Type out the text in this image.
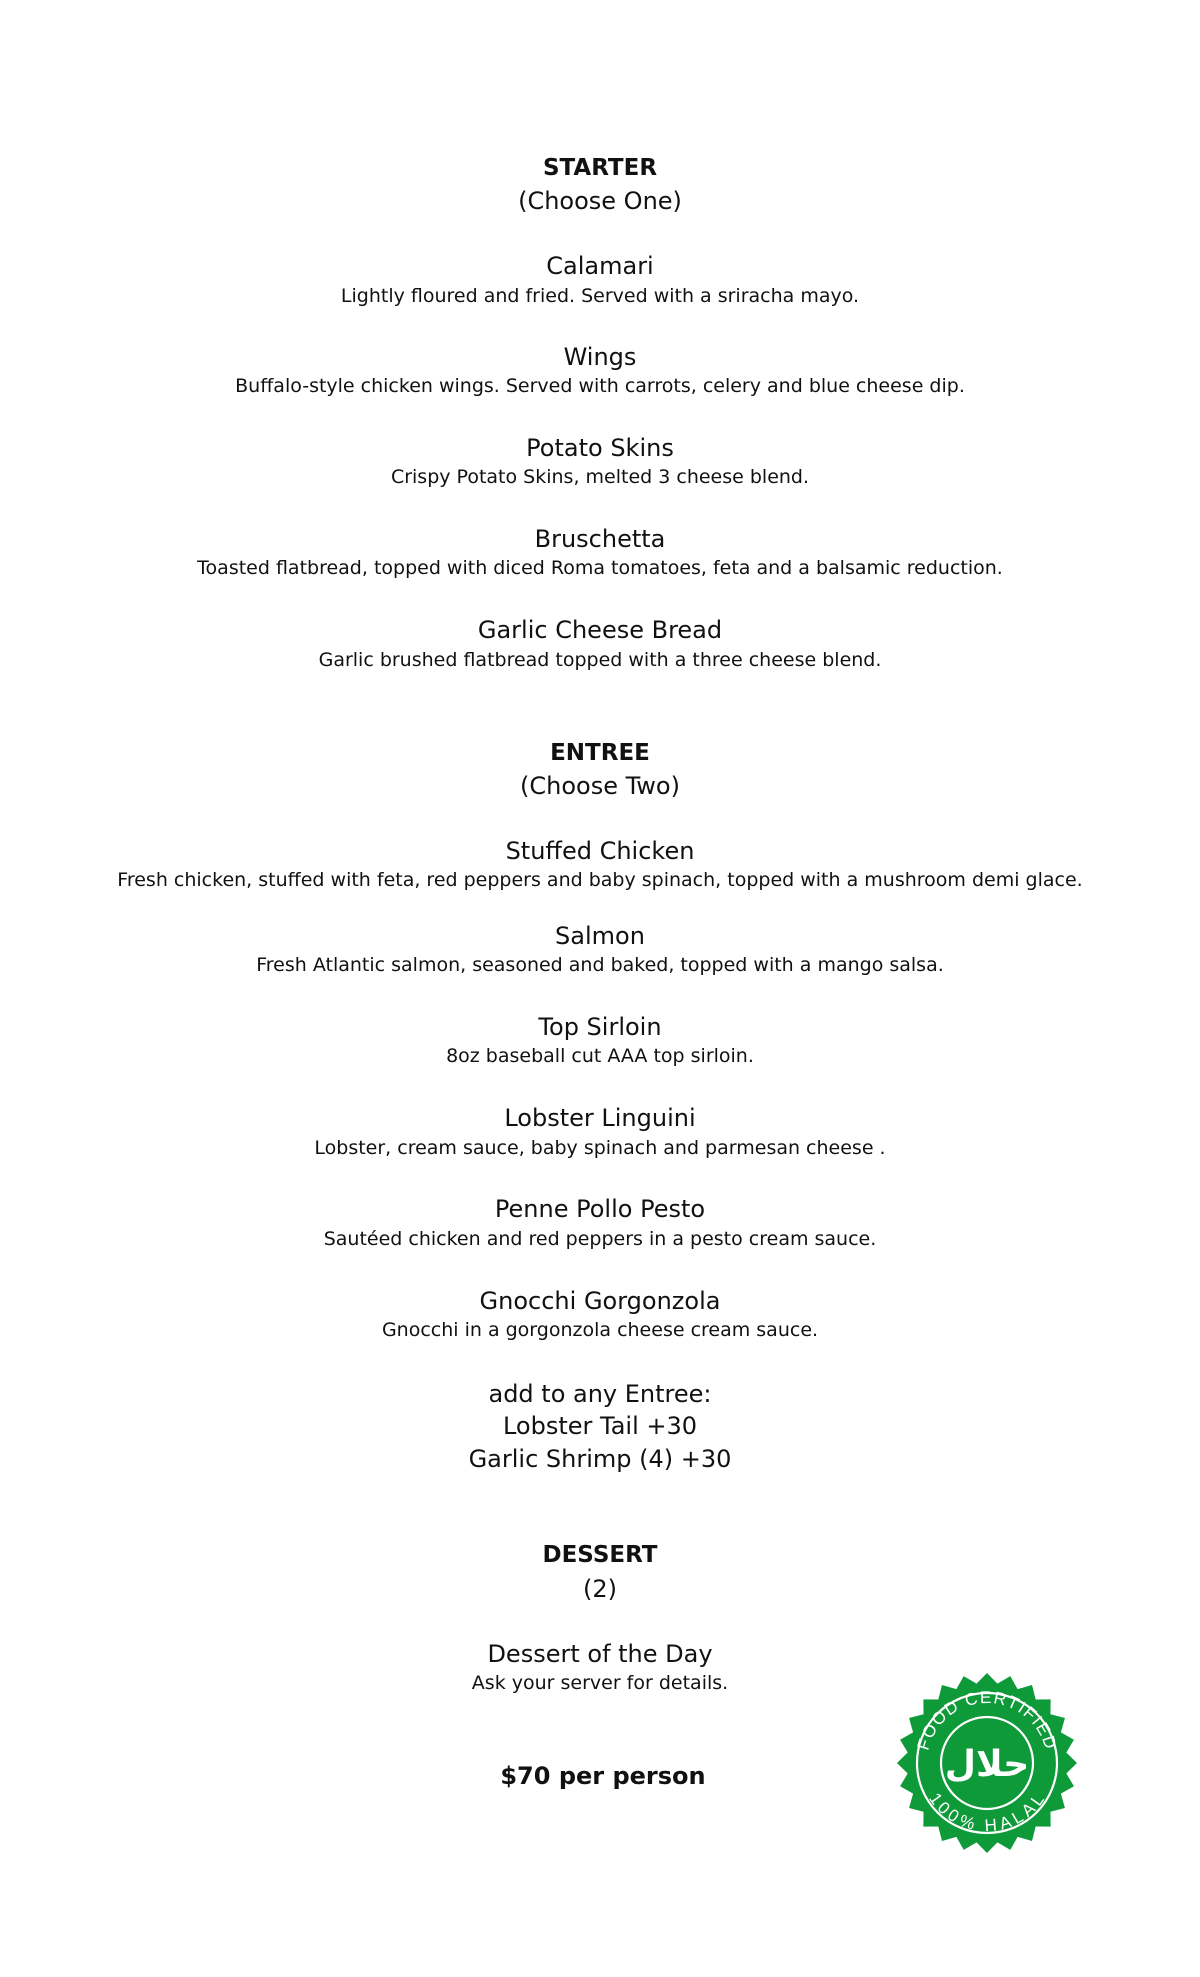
STARTER
(Choose One)
Calamari
Lightly floured and fried. Served with a sriracha mayo.
Wings
Buffalo-style chicken wings. Served with carrots, celery and blue cheese dip.
Potato Skins
Crispy Potato Skins, melted 3 cheese blend.
Bruschetta
Toasted flatbread, topped with diced Roma tomatoes, feta and a balsamic reduction.
Garlic Cheese Bread
Garlic brushed flatbread topped with a three cheese blend.
ENTREE
(Choose Two)
Stuffed Chicken
Fresh chicken, stuffed with feta, red peppers and baby spinach, topped with a mushroom demi glace.
Salmon
Fresh Atlantic salmon, seasoned and baked, topped with a mango salsa.
Top Sirloin
8oz baseball cut AAA top sirloin.
Lobster Linguini
Lobster, cream sauce, baby spinach and parmesan cheese .
Penne Pollo Pesto
Sautéed chicken and red peppers in a pesto cream sauce.
Gnocchi Gorgonzola
Gnocchi in a gorgonzola cheese cream sauce.
add to any Entree:
Lobster Tail +30
Garlic Shrimp (4) +30
DESSERT
(2)
Dessert of the Day
Ask your server for details.
$70 per person
FOOD CERTIFIED
100% HALAL
حلال
